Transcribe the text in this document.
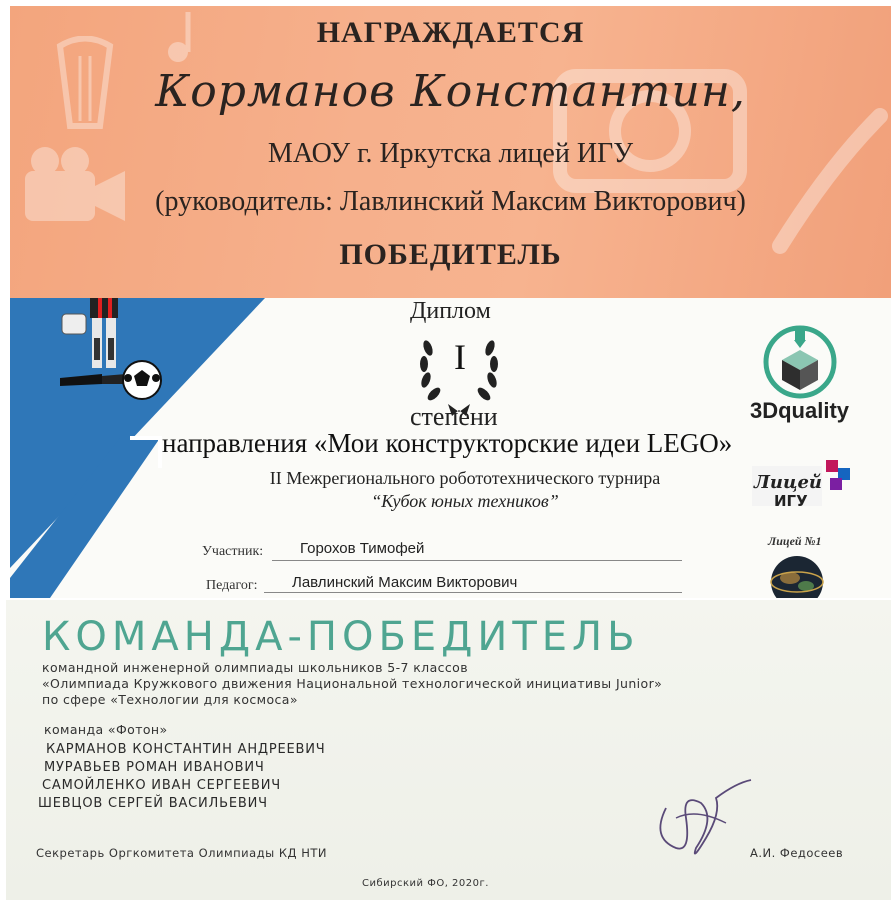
НАГРАЖДАЕТСЯ
Корманов Константин,
МАОУ г. Иркутска лицей ИГУ
(руководитель: Лавлинский Максим Викторович)
ПОБЕДИТЕЛЬ
Диплом
I
степени
направления «Мои конструкторские идеи LEGO»
II Межрегионального робототехнического турнира
“Кубок юных техников”
Участник: Горохов Тимофей
Педагог: Лавлинский Максим Викторович
3Dquality
Лицей
ИГУ
Лицей №1
КОМАНДА-ПОБЕДИТЕЛЬ
командной инженерной олимпиады школьников 5-7 классов
«Олимпиада Кружкового движения Национальной технологической инициативы Junior»
по сфере «Технологии для космоса»
команда «Фотон»
КАРМАНОВ КОНСТАНТИН АНДРЕЕВИЧ
МУРАВЬЕВ РОМАН ИВАНОВИЧ
САМОЙЛЕНКО ИВАН СЕРГЕЕВИЧ
ШЕВЦОВ СЕРГЕЙ ВАСИЛЬЕВИЧ
Секретарь Оргкомитета Олимпиады КД НТИ	А.И. Федосеев
Сибирский ФО, 2020г.
